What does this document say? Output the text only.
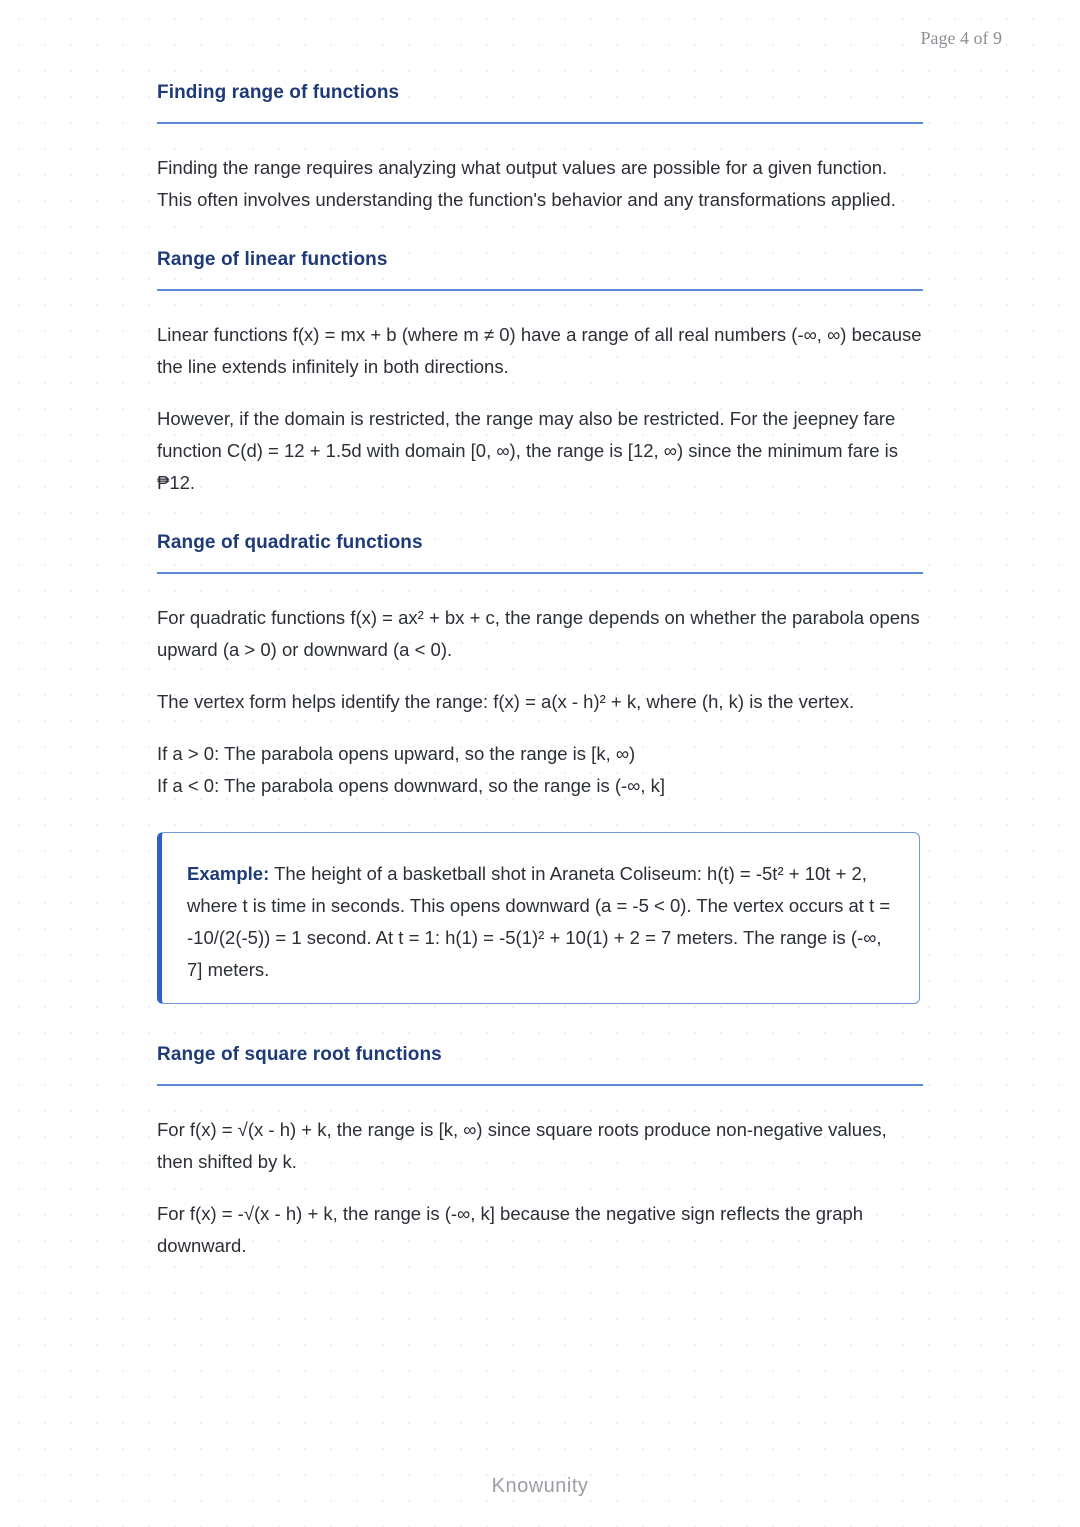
Page 4 of 9
Finding range of functions

Finding the range requires analyzing what output values are possible for a given function. This often involves understanding the function's behavior and any transformations applied.

Range of linear functions

Linear functions f(x) = mx + b (where m ≠ 0) have a range of all real numbers (-∞, ∞) because the line extends infinitely in both directions.

However, if the domain is restricted, the range may also be restricted. For the jeepney fare function C(d) = 12 + 1.5d with domain [0, ∞), the range is [12, ∞) since the minimum fare is ₱12.

Range of quadratic functions

For quadratic functions f(x) = ax² + bx + c, the range depends on whether the parabola opens upward (a > 0) or downward (a < 0).

The vertex form helps identify the range: f(x) = a(x - h)² + k, where (h, k) is the vertex.

If a > 0: The parabola opens upward, so the range is [k, ∞)

If a < 0: The parabola opens downward, so the range is (-∞, k]

Range of square root functions

For f(x) = √(x - h) + k, the range is [k, ∞) since square roots produce non-negative values, then shifted by k.

For f(x) = -√(x - h) + k, the range is (-∞, k] because the negative sign reflects the graph downward.

Example: The height of a basketball shot in Araneta Coliseum: h(t) = -5t² + 10t + 2, where t is time in seconds. This opens downward (a = -5 < 0). The vertex occurs at t = -10/(2(-5)) = 1 second. At t = 1: h(1) = -5(1)² + 10(1) + 2 = 7 meters. The range is (-∞, 7] meters.
Knowunity
